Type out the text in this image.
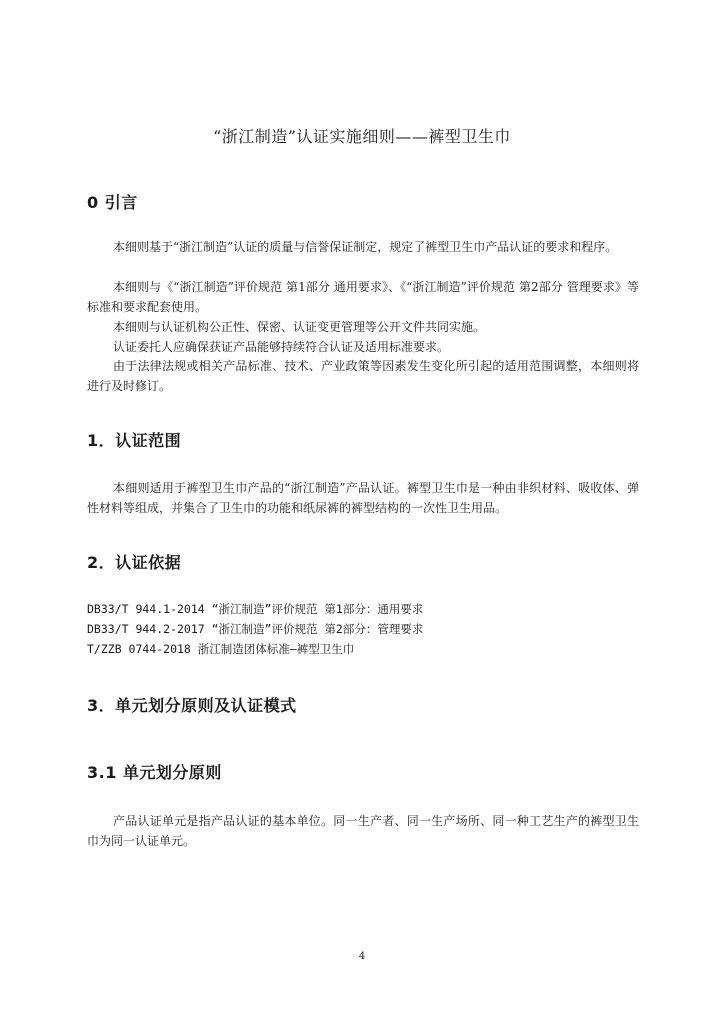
“浙江制造”认证实施细则——裤型卫生巾
0 引言
本细则基于“浙江制造”认证的质量与信誉保证制定，规定了裤型卫生巾产品认证的要求和程序。
本细则与《“浙江制造”评价规范 第1部分 通用要求》、《“浙江制造”评价规范 第2部分 管理要求》等标准和要求配套使用。
本细则与认证机构公正性、保密、认证变更管理等公开文件共同实施。
认证委托人应确保获证产品能够持续符合认证及适用标准要求。
由于法律法规或相关产品标准、技术、产业政策等因素发生变化所引起的适用范围调整，本细则将进行及时修订。
1．认证范围
本细则适用于裤型卫生巾产品的“浙江制造”产品认证。裤型卫生巾是一种由非织材料、吸收体、弹性材料等组成，并集合了卫生巾的功能和纸尿裤的裤型结构的一次性卫生用品。
2．认证依据
DB33/T 944.1-2014 “浙江制造”评价规范 第1部分：通用要求
DB33/T 944.2-2017 “浙江制造”评价规范 第2部分：管理要求
T/ZZB 0744-2018 浙江制造团体标准—裤型卫生巾
3．单元划分原则及认证模式
3.1 单元划分原则
产品认证单元是指产品认证的基本单位。同一生产者、同一生产场所、同一种工艺生产的裤型卫生巾为同一认证单元。
4
